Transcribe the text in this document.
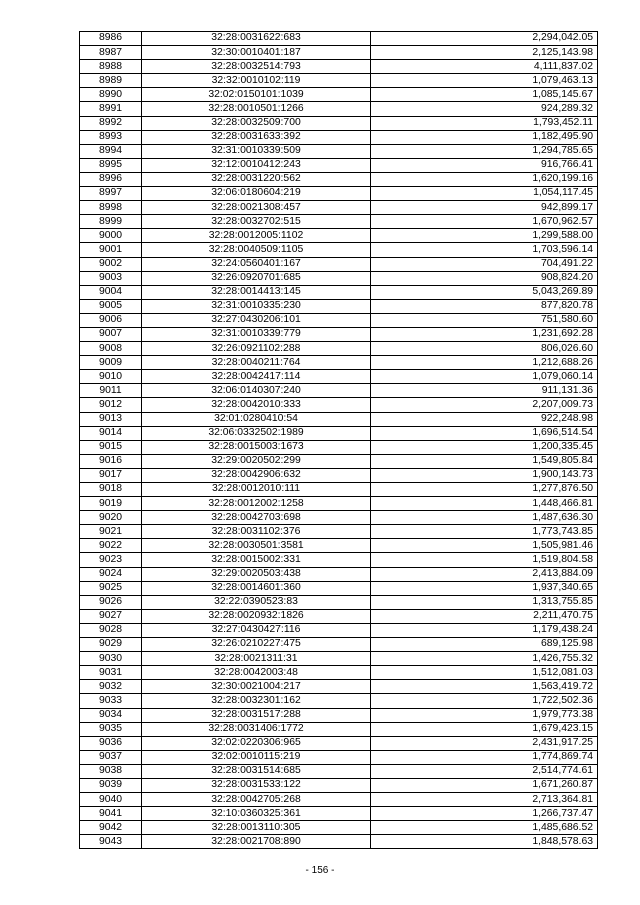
8986	32:28:0031622:683	2,294,042.05
8987	32:30:0010401:187	2,125,143.98
8988	32:28:0032514:793	4,111,837.02
8989	32:32:0010102:119	1,079,463.13
8990	32:02:0150101:1039	1,085,145.67
8991	32:28:0010501:1266	924,289.32
8992	32:28:0032509:700	1,793,452.11
8993	32:28:0031633:392	1,182,495.90
8994	32:31:0010339:509	1,294,785.65
8995	32:12:0010412:243	916,766.41
8996	32:28:0031220:562	1,620,199.16
8997	32:06:0180604:219	1,054,117.45
8998	32:28:0021308:457	942,899.17
8999	32:28:0032702:515	1,670,962.57
9000	32:28:0012005:1102	1,299,588.00
9001	32:28:0040509:1105	1,703,596.14
9002	32:24:0560401:167	704,491.22
9003	32:26:0920701:685	908,824.20
9004	32:28:0014413:145	5,043,269.89
9005	32:31:0010335:230	877,820.78
9006	32:27:0430206:101	751,580.60
9007	32:31:0010339:779	1,231,692.28
9008	32:26:0921102:288	806,026.60
9009	32:28:0040211:764	1,212,688.26
9010	32:28:0042417:114	1,079,060.14
9011	32:06:0140307:240	911,131.36
9012	32:28:0042010:333	2,207,009.73
9013	32:01:0280410:54	922,248.98
9014	32:06:0332502:1989	1,696,514.54
9015	32:28:0015003:1673	1,200,335.45
9016	32:29:0020502:299	1,549,805.84
9017	32:28:0042906:632	1,900,143.73
9018	32:28:0012010:111	1,277,876.50
9019	32:28:0012002:1258	1,448,466.81
9020	32:28:0042703:698	1,487,636.30
9021	32:28:0031102:376	1,773,743.85
9022	32:28:0030501:3581	1,505,981.46
9023	32:28:0015002:331	1,519,804.58
9024	32:29:0020503:438	2,413,884.09
9025	32:28:0014601:360	1,937,340.65
9026	32:22:0390523:83	1,313,755.85
9027	32:28:0020932:1826	2,211,470.75
9028	32:27:0430427:116	1,179,438.24
9029	32:26:0210227:475	689,125.98
9030	32:28:0021311:31	1,426,755.32
9031	32:28:0042003:48	1,512,081.03
9032	32:30:0021004:217	1,563,419.72
9033	32:28:0032301:162	1,722,502.36
9034	32:28:0031517:288	1,979,773.38
9035	32:28:0031406:1772	1,679,423.15
9036	32:02:0220306:965	2,431,917.25
9037	32:02:0010115:219	1,774,869.74
9038	32:28:0031514:685	2,514,774.61
9039	32:28:0031533:122	1,671,260.87
9040	32:28:0042705:268	2,713,364.81
9041	32:10:0360325:361	1,266,737.47
9042	32:28:0013110:305	1,485,686.52
9043	32:28:0021708:890	1,848,578.63
- 156 -
